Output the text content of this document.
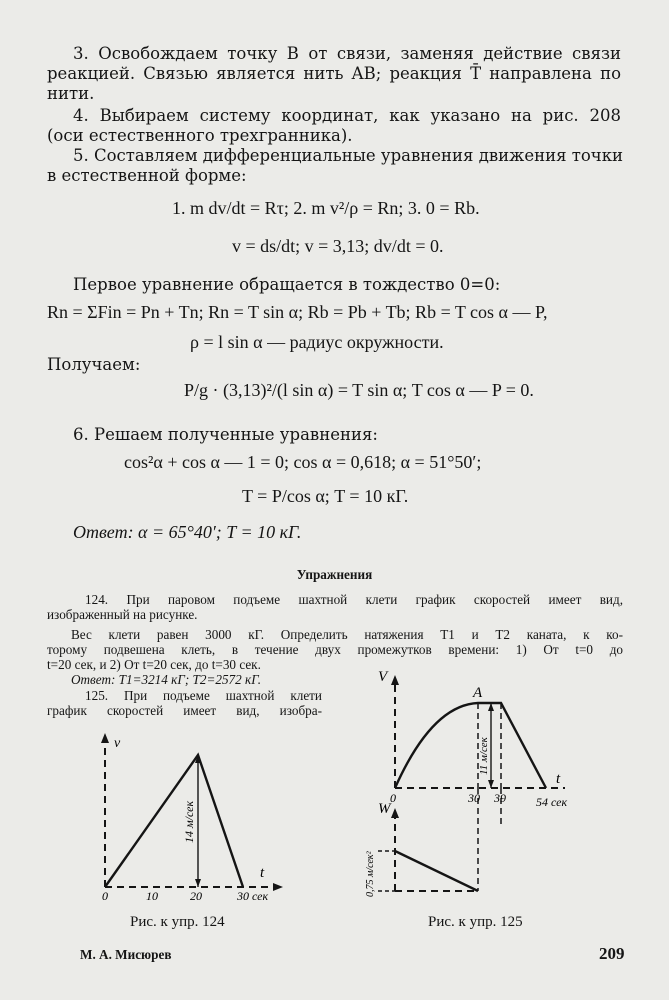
3. Освобождаем точку B от связи, заменяя действие связи
реакцией. Связью является нить AB; реакция T̄ направлена по
нити.
4. Выбираем систему координат, как указано на рис. 208
(оси естественного трехгранника).
5. Составляем дифференциальные уравнения движения точки
в естественной форме:
1. m dv/dt = Rτ; 2. m v²/ρ = Rn; 3. 0 = Rb.
v = ds/dt; v = 3,13; dv/dt = 0.
Первое уравнение обращается в тождество 0=0:
Rn = ΣFin = Pn + Tn; Rn = T sin α; Rb = Pb + Tb; Rb = T cos α — P,
ρ = l sin α — радиус окружности.
Получаем:
P/g · (3,13)²/(l sin α) = T sin α; T cos α — P = 0.
6. Решаем полученные уравнения:
cos²α + cos α — 1 = 0; cos α = 0,618; α = 51°50′;
T = P/cos α; T = 10 кГ.
Ответ: α = 65°40′; T = 10 кГ.
Упражнения
124. При паровом подъеме шахтной клети график скоростей имеет вид,
изображенный на рисунке.
Вес клети равен 3000 кГ. Определить натяжения T1 и T2 каната, к ко-
торому подвешена клеть, в течение двух промежутков времени: 1) От t=0 до
t=20 сек, и 2) От t=20 сек, до t=30 сек.
Ответ: T1=3214 кГ; T2=2572 кГ.
125. При подъеме шахтной клети
график скоростей имеет вид, изобра-
v
t
0	10	20	30 сек
14 м/сек
Рис. к упр. 124
V
W
t
A
0	30 39	54 сек
11 м/сек
0,75 м/сек²
Рис. к упр. 125
М. А. Мисюрев	209
